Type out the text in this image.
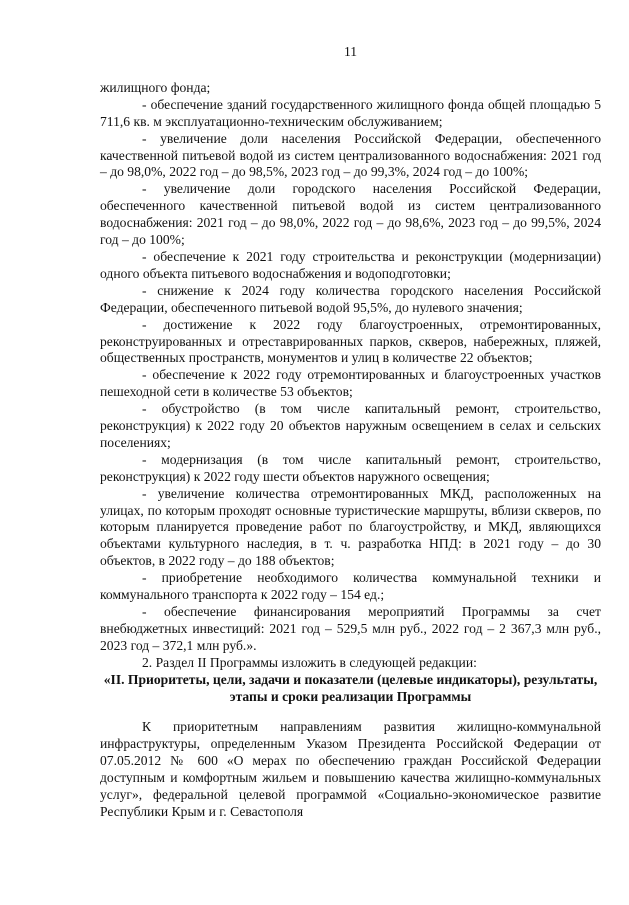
11

жилищного фонда;

- обеспечение зданий государственного жилищного фонда общей площадью 5 711,6 кв. м эксплуатационно-техническим обслуживанием;

- увеличение доли населения Российской Федерации, обеспеченного качественной питьевой водой из систем централизованного водоснабжения: 2021 год – до 98,0%, 2022 год – до 98,5%, 2023 год – до 99,3%, 2024 год – до 100%;

- увеличение доли городского населения Российской Федерации, обеспеченного качественной питьевой водой из систем централизованного водоснабжения: 2021 год – до 98,0%, 2022 год – до 98,6%, 2023 год – до 99,5%, 2024 год – до 100%;

- обеспечение к 2021 году строительства и реконструкции (модернизации) одного объекта питьевого водоснабжения и водоподготовки;

- снижение к 2024 году количества городского населения Российской Федерации, обеспеченного питьевой водой 95,5%, до нулевого значения;

- достижение к 2022 году благоустроенных, отремонтированных, реконструированных и отреставрированных парков, скверов, набережных, пляжей, общественных пространств, монументов и улиц в количестве 22 объектов;

- обеспечение к 2022 году отремонтированных и благоустроенных участков пешеходной сети в количестве 53 объектов;

- обустройство (в том числе капитальный ремонт, строительство, реконструкция) к 2022 году 20 объектов наружным освещением в селах и сельских поселениях;

- модернизация (в том числе капитальный ремонт, строительство, реконструкция) к 2022 году шести объектов наружного освещения;

- увеличение количества отремонтированных МКД, расположенных на улицах, по которым проходят основные туристические маршруты, вблизи скверов, по которым планируется проведение работ по благоустройству, и МКД, являющихся объектами культурного наследия, в т. ч. разработка НПД: в 2021 году – до 30 объектов, в 2022 году – до 188 объектов;

- приобретение необходимого количества коммунальной техники и коммунального транспорта к 2022 году – 154 ед.;

- обеспечение финансирования мероприятий Программы за счет внебюджетных инвестиций: 2021 год – 529,5 млн руб., 2022 год – 2 367,3 млн руб., 2023 год – 372,1 млн руб.».

2. Раздел II Программы изложить в следующей редакции:

«II. Приоритеты, цели, задачи и показатели (целевые индикаторы), результаты, этапы и сроки реализации Программы

К приоритетным направлениям развития жилищно-коммунальной инфраструктуры, определенным Указом Президента Российской Федерации от 07.05.2012 № 600 «О мерах по обеспечению граждан Российской Федерации доступным и комфортным жильем и повышению качества жилищно-коммунальных услуг», федеральной целевой программой «Социально-экономическое развитие Республики Крым и г. Севастополя
